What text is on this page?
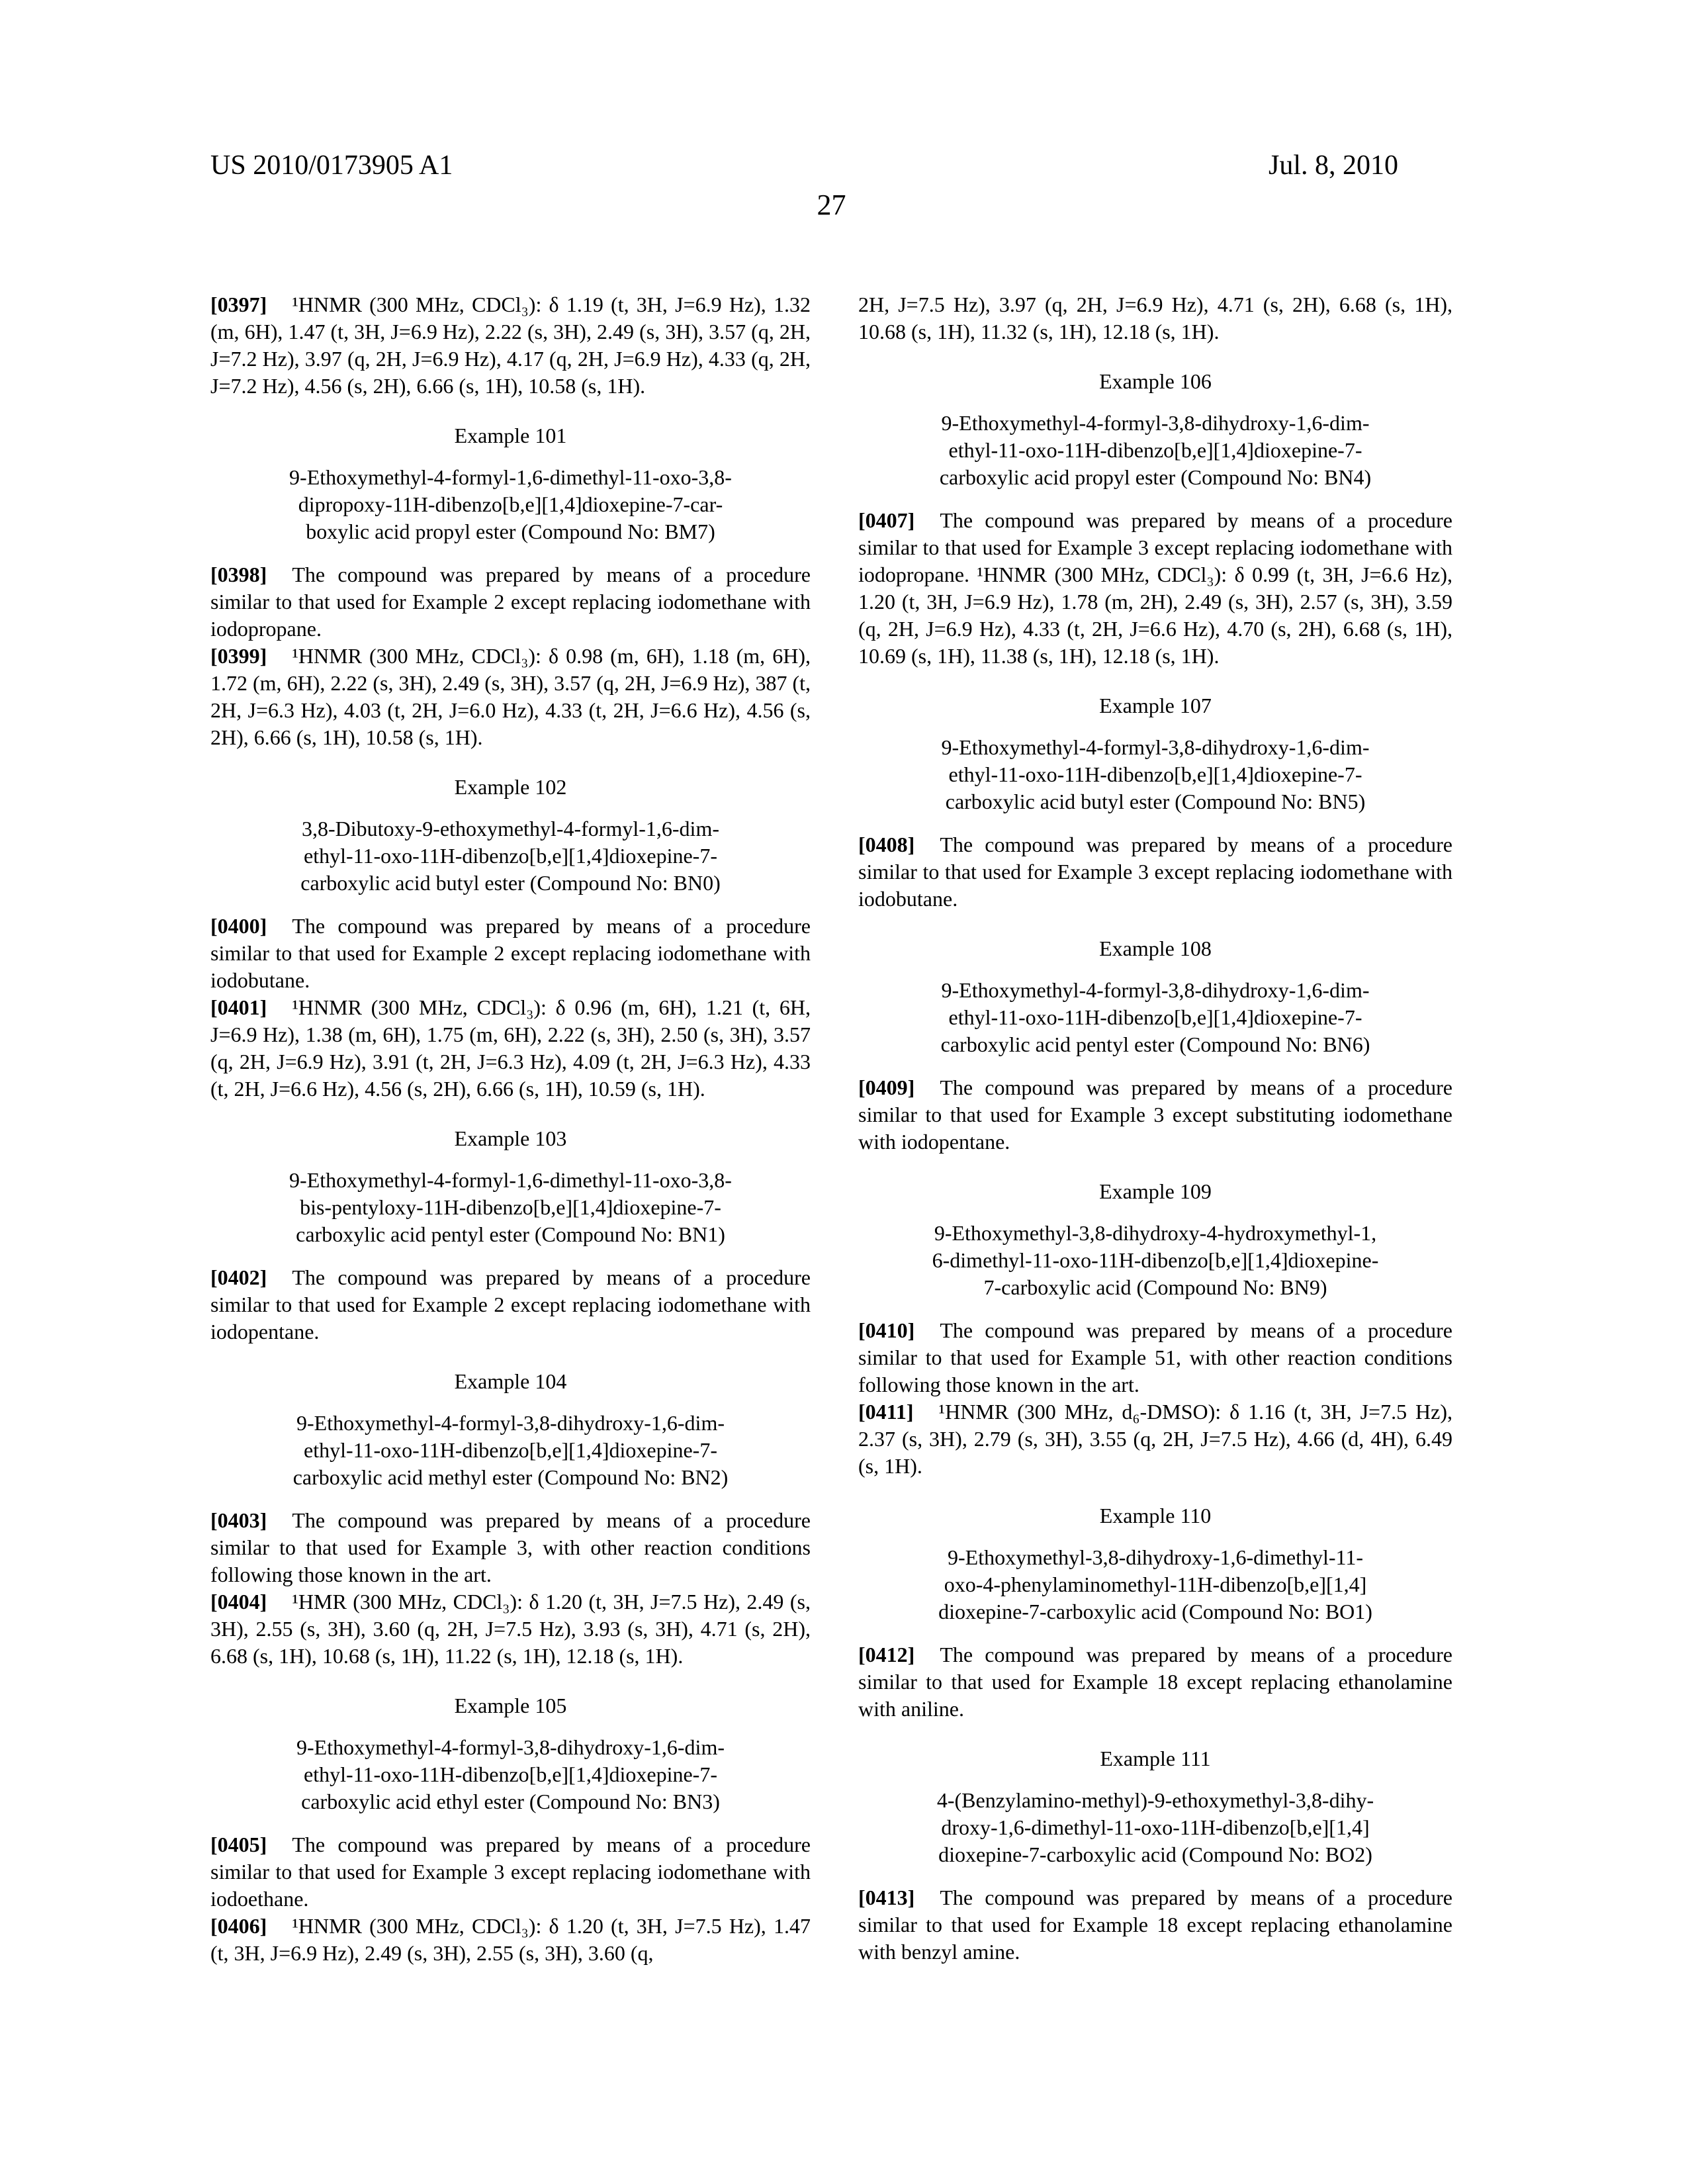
US 2010/0173905 A1	Jul. 8, 2010
27

[0397] ¹HNMR (300 MHz, CDCl₃): δ 1.19 (t, 3H, J=6.9 Hz), 1.32 (m, 6H), 1.47 (t, 3H, J=6.9 Hz), 2.22 (s, 3H), 2.49 (s, 3H), 3.57 (q, 2H, J=7.2 Hz), 3.97 (q, 2H, J=6.9 Hz), 4.17 (q, 2H, J=6.9 Hz), 4.33 (q, 2H, J=7.2 Hz), 4.56 (s, 2H), 6.66 (s, 1H), 10.58 (s, 1H).

Example 101
9-Ethoxymethyl-4-formyl-1,6-dimethyl-11-oxo-3,8-
dipropoxy-11H-dibenzo[b,e][1,4]dioxepine-7-car-
boxylic acid propyl ester (Compound No: BM7)

[0398] The compound was prepared by means of a procedure similar to that used for Example 2 except replacing iodomethane with iodopropane.

[0399] ¹HNMR (300 MHz, CDCl₃): δ 0.98 (m, 6H), 1.18 (m, 6H), 1.72 (m, 6H), 2.22 (s, 3H), 2.49 (s, 3H), 3.57 (q, 2H, J=6.9 Hz), 387 (t, 2H, J=6.3 Hz), 4.03 (t, 2H, J=6.0 Hz), 4.33 (t, 2H, J=6.6 Hz), 4.56 (s, 2H), 6.66 (s, 1H), 10.58 (s, 1H).

Example 102
3,8-Dibutoxy-9-ethoxymethyl-4-formyl-1,6-dim-
ethyl-11-oxo-11H-dibenzo[b,e][1,4]dioxepine-7-
carboxylic acid butyl ester (Compound No: BN0)

[0400] The compound was prepared by means of a procedure similar to that used for Example 2 except replacing iodomethane with iodobutane.

[0401] ¹HNMR (300 MHz, CDCl₃): δ 0.96 (m, 6H), 1.21 (t, 6H, J=6.9 Hz), 1.38 (m, 6H), 1.75 (m, 6H), 2.22 (s, 3H), 2.50 (s, 3H), 3.57 (q, 2H, J=6.9 Hz), 3.91 (t, 2H, J=6.3 Hz), 4.09 (t, 2H, J=6.3 Hz), 4.33 (t, 2H, J=6.6 Hz), 4.56 (s, 2H), 6.66 (s, 1H), 10.59 (s, 1H).

Example 103
9-Ethoxymethyl-4-formyl-1,6-dimethyl-11-oxo-3,8-
bis-pentyloxy-11H-dibenzo[b,e][1,4]dioxepine-7-
carboxylic acid pentyl ester (Compound No: BN1)

[0402] The compound was prepared by means of a procedure similar to that used for Example 2 except replacing iodomethane with iodopentane.

Example 104
9-Ethoxymethyl-4-formyl-3,8-dihydroxy-1,6-dim-
ethyl-11-oxo-11H-dibenzo[b,e][1,4]dioxepine-7-
carboxylic acid methyl ester (Compound No: BN2)

[0403] The compound was prepared by means of a procedure similar to that used for Example 3, with other reaction conditions following those known in the art.

[0404] ¹HMR (300 MHz, CDCl₃): δ 1.20 (t, 3H, J=7.5 Hz), 2.49 (s, 3H), 2.55 (s, 3H), 3.60 (q, 2H, J=7.5 Hz), 3.93 (s, 3H), 4.71 (s, 2H), 6.68 (s, 1H), 10.68 (s, 1H), 11.22 (s, 1H), 12.18 (s, 1H).

Example 105
9-Ethoxymethyl-4-formyl-3,8-dihydroxy-1,6-dim-
ethyl-11-oxo-11H-dibenzo[b,e][1,4]dioxepine-7-
carboxylic acid ethyl ester (Compound No: BN3)

[0405] The compound was prepared by means of a procedure similar to that used for Example 3 except replacing iodomethane with iodoethane.

[0406] ¹HNMR (300 MHz, CDCl₃): δ 1.20 (t, 3H, J=7.5 Hz), 1.47 (t, 3H, J=6.9 Hz), 2.49 (s, 3H), 2.55 (s, 3H), 3.60 (q,

2H, J=7.5 Hz), 3.97 (q, 2H, J=6.9 Hz), 4.71 (s, 2H), 6.68 (s, 1H), 10.68 (s, 1H), 11.32 (s, 1H), 12.18 (s, 1H).

Example 106
9-Ethoxymethyl-4-formyl-3,8-dihydroxy-1,6-dim-
ethyl-11-oxo-11H-dibenzo[b,e][1,4]dioxepine-7-
carboxylic acid propyl ester (Compound No: BN4)

[0407] The compound was prepared by means of a procedure similar to that used for Example 3 except replacing iodomethane with iodopropane. ¹HNMR (300 MHz, CDCl₃): δ 0.99 (t, 3H, J=6.6 Hz), 1.20 (t, 3H, J=6.9 Hz), 1.78 (m, 2H), 2.49 (s, 3H), 2.57 (s, 3H), 3.59 (q, 2H, J=6.9 Hz), 4.33 (t, 2H, J=6.6 Hz), 4.70 (s, 2H), 6.68 (s, 1H), 10.69 (s, 1H), 11.38 (s, 1H), 12.18 (s, 1H).

Example 107
9-Ethoxymethyl-4-formyl-3,8-dihydroxy-1,6-dim-
ethyl-11-oxo-11H-dibenzo[b,e][1,4]dioxepine-7-
carboxylic acid butyl ester (Compound No: BN5)

[0408] The compound was prepared by means of a procedure similar to that used for Example 3 except replacing iodomethane with iodobutane.

Example 108
9-Ethoxymethyl-4-formyl-3,8-dihydroxy-1,6-dim-
ethyl-11-oxo-11H-dibenzo[b,e][1,4]dioxepine-7-
carboxylic acid pentyl ester (Compound No: BN6)

[0409] The compound was prepared by means of a procedure similar to that used for Example 3 except substituting iodomethane with iodopentane.

Example 109
9-Ethoxymethyl-3,8-dihydroxy-4-hydroxymethyl-1,
6-dimethyl-11-oxo-11H-dibenzo[b,e][1,4]dioxepine-
7-carboxylic acid (Compound No: BN9)

[0410] The compound was prepared by means of a procedure similar to that used for Example 51, with other reaction conditions following those known in the art.

[0411] ¹HNMR (300 MHz, d₆-DMSO): δ 1.16 (t, 3H, J=7.5 Hz), 2.37 (s, 3H), 2.79 (s, 3H), 3.55 (q, 2H, J=7.5 Hz), 4.66 (d, 4H), 6.49 (s, 1H).

Example 110
9-Ethoxymethyl-3,8-dihydroxy-1,6-dimethyl-11-
oxo-4-phenylaminomethyl-11H-dibenzo[b,e][1,4]
dioxepine-7-carboxylic acid (Compound No: BO1)

[0412] The compound was prepared by means of a procedure similar to that used for Example 18 except replacing ethanolamine with aniline.

Example 111
4-(Benzylamino-methyl)-9-ethoxymethyl-3,8-dihy-
droxy-1,6-dimethyl-11-oxo-11H-dibenzo[b,e][1,4]
dioxepine-7-carboxylic acid (Compound No: BO2)

[0413] The compound was prepared by means of a procedure similar to that used for Example 18 except replacing ethanolamine with benzyl amine.
